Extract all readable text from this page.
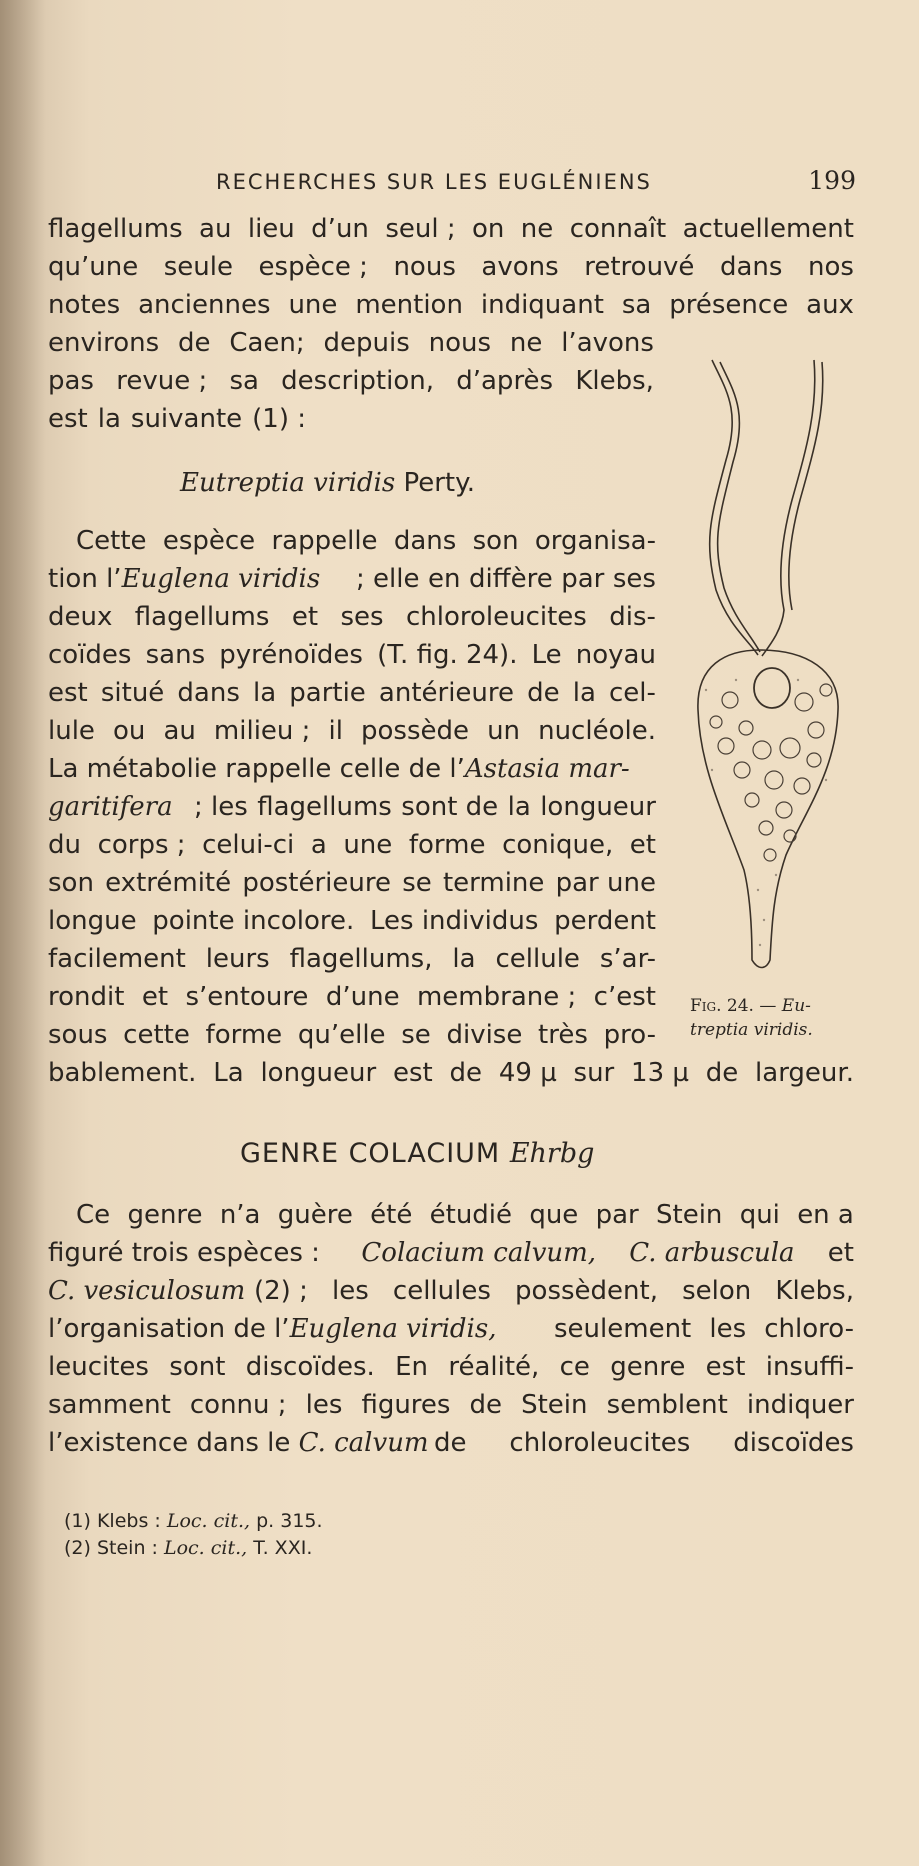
RECHERCHES SUR LES EUGLÉNIENS	199
flagellums au lieu d’un seul ; on ne connaît actuellement
qu’une seule espèce ; nous avons retrouvé dans nos
notes anciennes une mention indiquant sa présence aux
environs de Caen; depuis nous ne l’avons
pas revue ; sa description, d’après Klebs,
est la suivante (1) :
Eutreptia viridis Perty.
Cette espèce rappelle dans son organisa-
tion l’Euglena viridis ; elle en diffère par ses
deux flagellums et ses chloroleucites dis-
coïdes sans pyrénoïdes (T. fig. 24). Le noyau
est situé dans la partie antérieure de la cel-
lule ou au milieu ; il possède un nucléole.
La métabolie rappelle celle de l’Astasia mar-
garitifera ; les flagellums sont de la longueur
du corps ; celui-ci a une forme conique, et
son extrémité postérieure se termine par une
longue pointe incolore. Les individus perdent
facilement leurs flagellums, la cellule s’ar-
rondit et s’entoure d’une membrane ; c’est
sous cette forme qu’elle se divise très pro-
bablement. La longueur est de 49 µ sur 13 µ de largeur.
Fig. 24. — Eu-
treptia viridis.
GENRE COLACIUM Ehrbg
Ce genre n’a guère été étudié que par Stein qui en a
figuré trois espèces : Colacium calvum, C. arbuscula et
C. vesiculosum (2) ; les cellules possèdent, selon Klebs,
l’organisation de l’Euglena viridis, seulement les chloro-
leucites sont discoïdes. En réalité, ce genre est insuffi-
samment connu ; les figures de Stein semblent indiquer
l’existence dans le C. calvum de chloroleucites discoïdes
(1) Klebs : Loc. cit., p. 315.
(2) Stein : Loc. cit., T. XXI.
